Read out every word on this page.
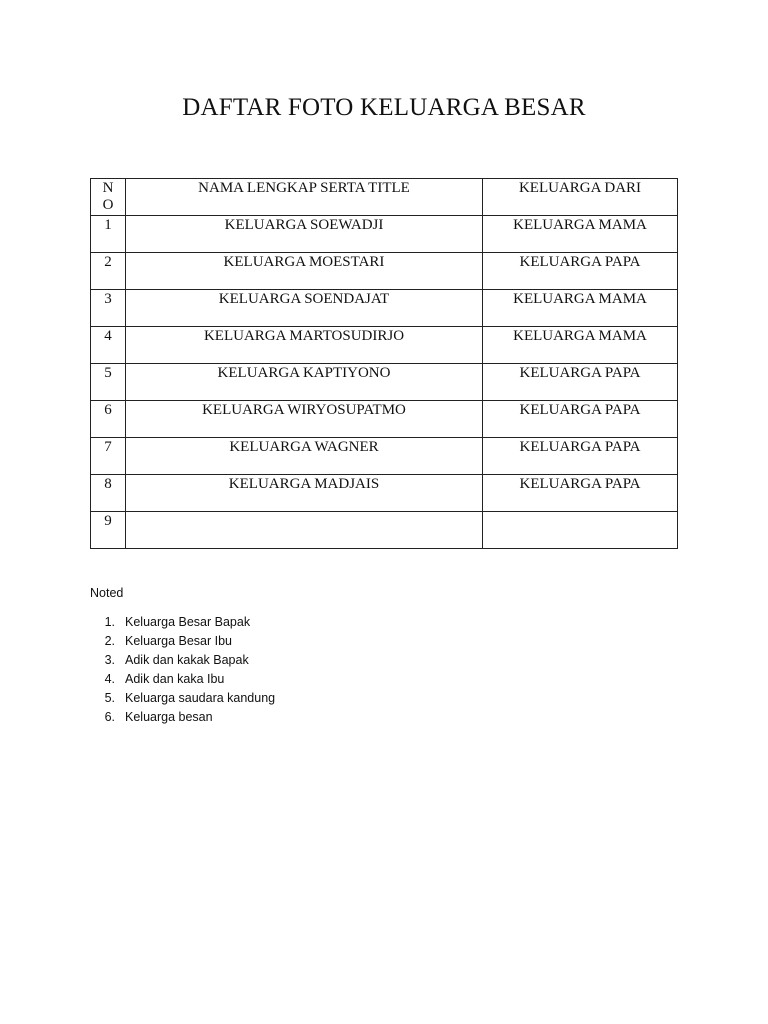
DAFTAR FOTO KELUARGA BESAR
N O	NAMA LENGKAP SERTA TITLE	KELUARGA DARI

1	KELUARGA SOEWADJI	KELUARGA MAMA

2	KELUARGA MOESTARI	KELUARGA PAPA

3	KELUARGA SOENDAJAT	KELUARGA MAMA

4	KELUARGA MARTOSUDIRJO	KELUARGA MAMA

5	KELUARGA KAPTIYONO	KELUARGA PAPA

6	KELUARGA WIRYOSUPATMO	KELUARGA PAPA

7	KELUARGA WAGNER	KELUARGA PAPA

8	KELUARGA MADJAIS	KELUARGA PAPA

9		

Noted

1. Keluarga Besar Bapak
2. Keluarga Besar Ibu
3. Adik dan kakak Bapak
4. Adik dan kaka Ibu
5. Keluarga saudara kandung
6. Keluarga besan
